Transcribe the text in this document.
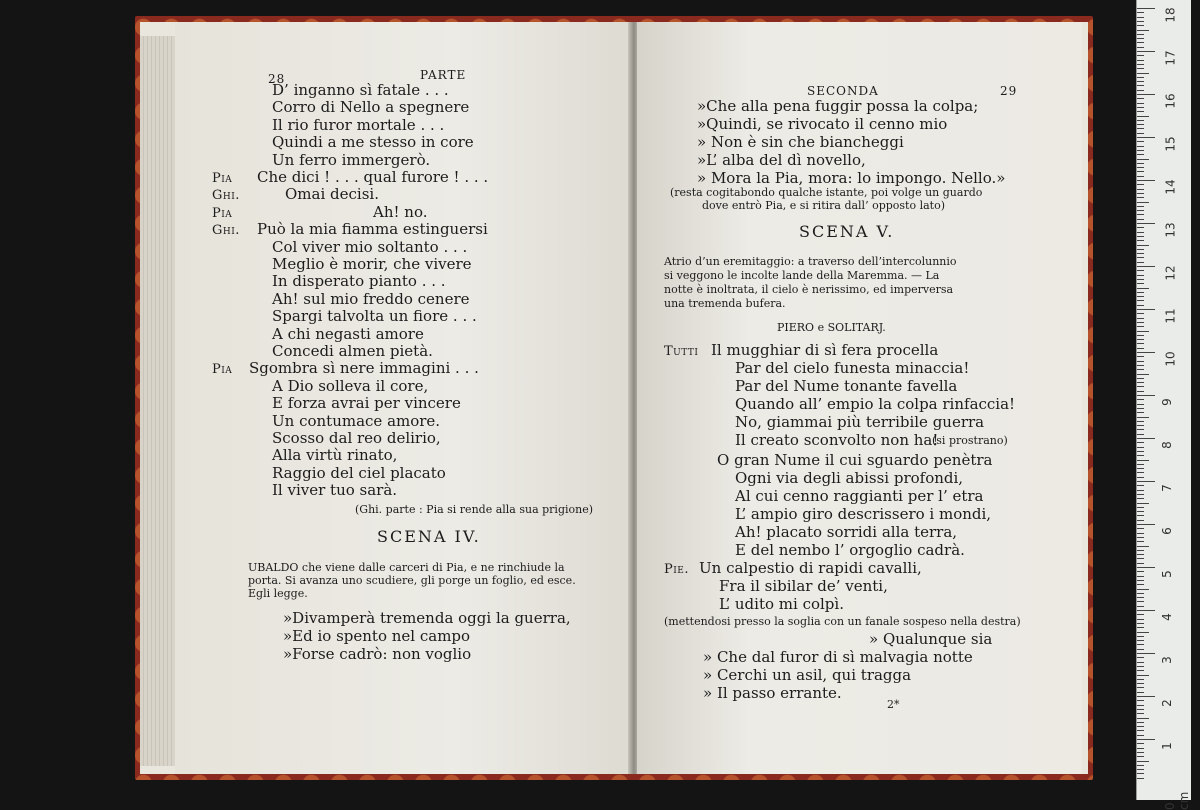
28	PARTE
D’ inganno sì fatale . . .
Corro di Nello a spegnere
Il rio furor mortale . . .
Quindi a me stesso in core
Un ferro immergerò.
Pia Che dici ! . . . qual furore ! . . .
Ghi.	Omai decisi.
Pia	Ah! no.
Ghi. Può la mia fiamma estinguersi
Col viver mio soltanto . . .
Meglio è morir, che vivere
In disperato pianto . . .
Ah! sul mio freddo cenere
Spargi talvolta un fiore . . .
A chi negasti amore
Concedi almen pietà.
Pia Sgombra sì nere immagini . . .
A Dio solleva il core,
E forza avrai per vincere
Un contumace amore.
Scosso dal reo delirio,
Alla virtù rinato,
Raggio del ciel placato
Il viver tuo sarà.
(Ghi. parte : Pia si rende alla sua prigione)
SCENA IV.
UBALDO che viene dalle carceri di Pia, e ne rinchiude la
porta. Si avanza uno scudiere, gli porge un foglio, ed esce.
Egli legge.
»Divamperà tremenda oggi la guerra,
»Ed io spento nel campo
»Forse cadrò: non voglio
SECONDA	29
»Che alla pena fuggir possa la colpa;
»Quindi, se rivocato il cenno mio
» Non è sin che biancheggi
»L’ alba del dì novello,
» Mora la Pia, mora: lo impongo. Nello.»
(resta cogitabondo qualche istante, poi volge un guardo
dove entrò Pia, e si ritira dall’ opposto lato)
SCENA V.
Atrio d’un eremitaggio: a traverso dell’intercolunnio
si veggono le incolte lande della Maremma. — La
notte è inoltrata, il cielo è nerissimo, ed imperversa
una tremenda bufera.
PIERO e SOLITARJ.
Tutti Il mugghiar di sì fera procella
Par del cielo funesta minaccia!
Par del Nume tonante favella
Quando all’ empio la colpa rinfaccia!
No, giammai più terribile guerra
Il creato sconvolto non ha!
(si prostrano)
O gran Nume il cui sguardo penètra
Ogni via degli abissi profondi,
Al cui cenno raggianti per l’ etra
L’ ampio giro descrissero i mondi,
Ah! placato sorridi alla terra,
E del nembo l’ orgoglio cadrà.
Pie. Un calpestio di rapidi cavalli,
Fra il sibilar de’ venti,
L’ udito mi colpì.
(mettendosi presso la soglia con un fanale sospeso nella destra)
» Qualunque sia
» Che dal furor di sì malvagia notte
» Cerchi un asil, qui tragga
» Il passo errante.
2*
18
17
16
15
14
13
12
11
10
9
8
7
6
5
4
3
2
1
0 cm
